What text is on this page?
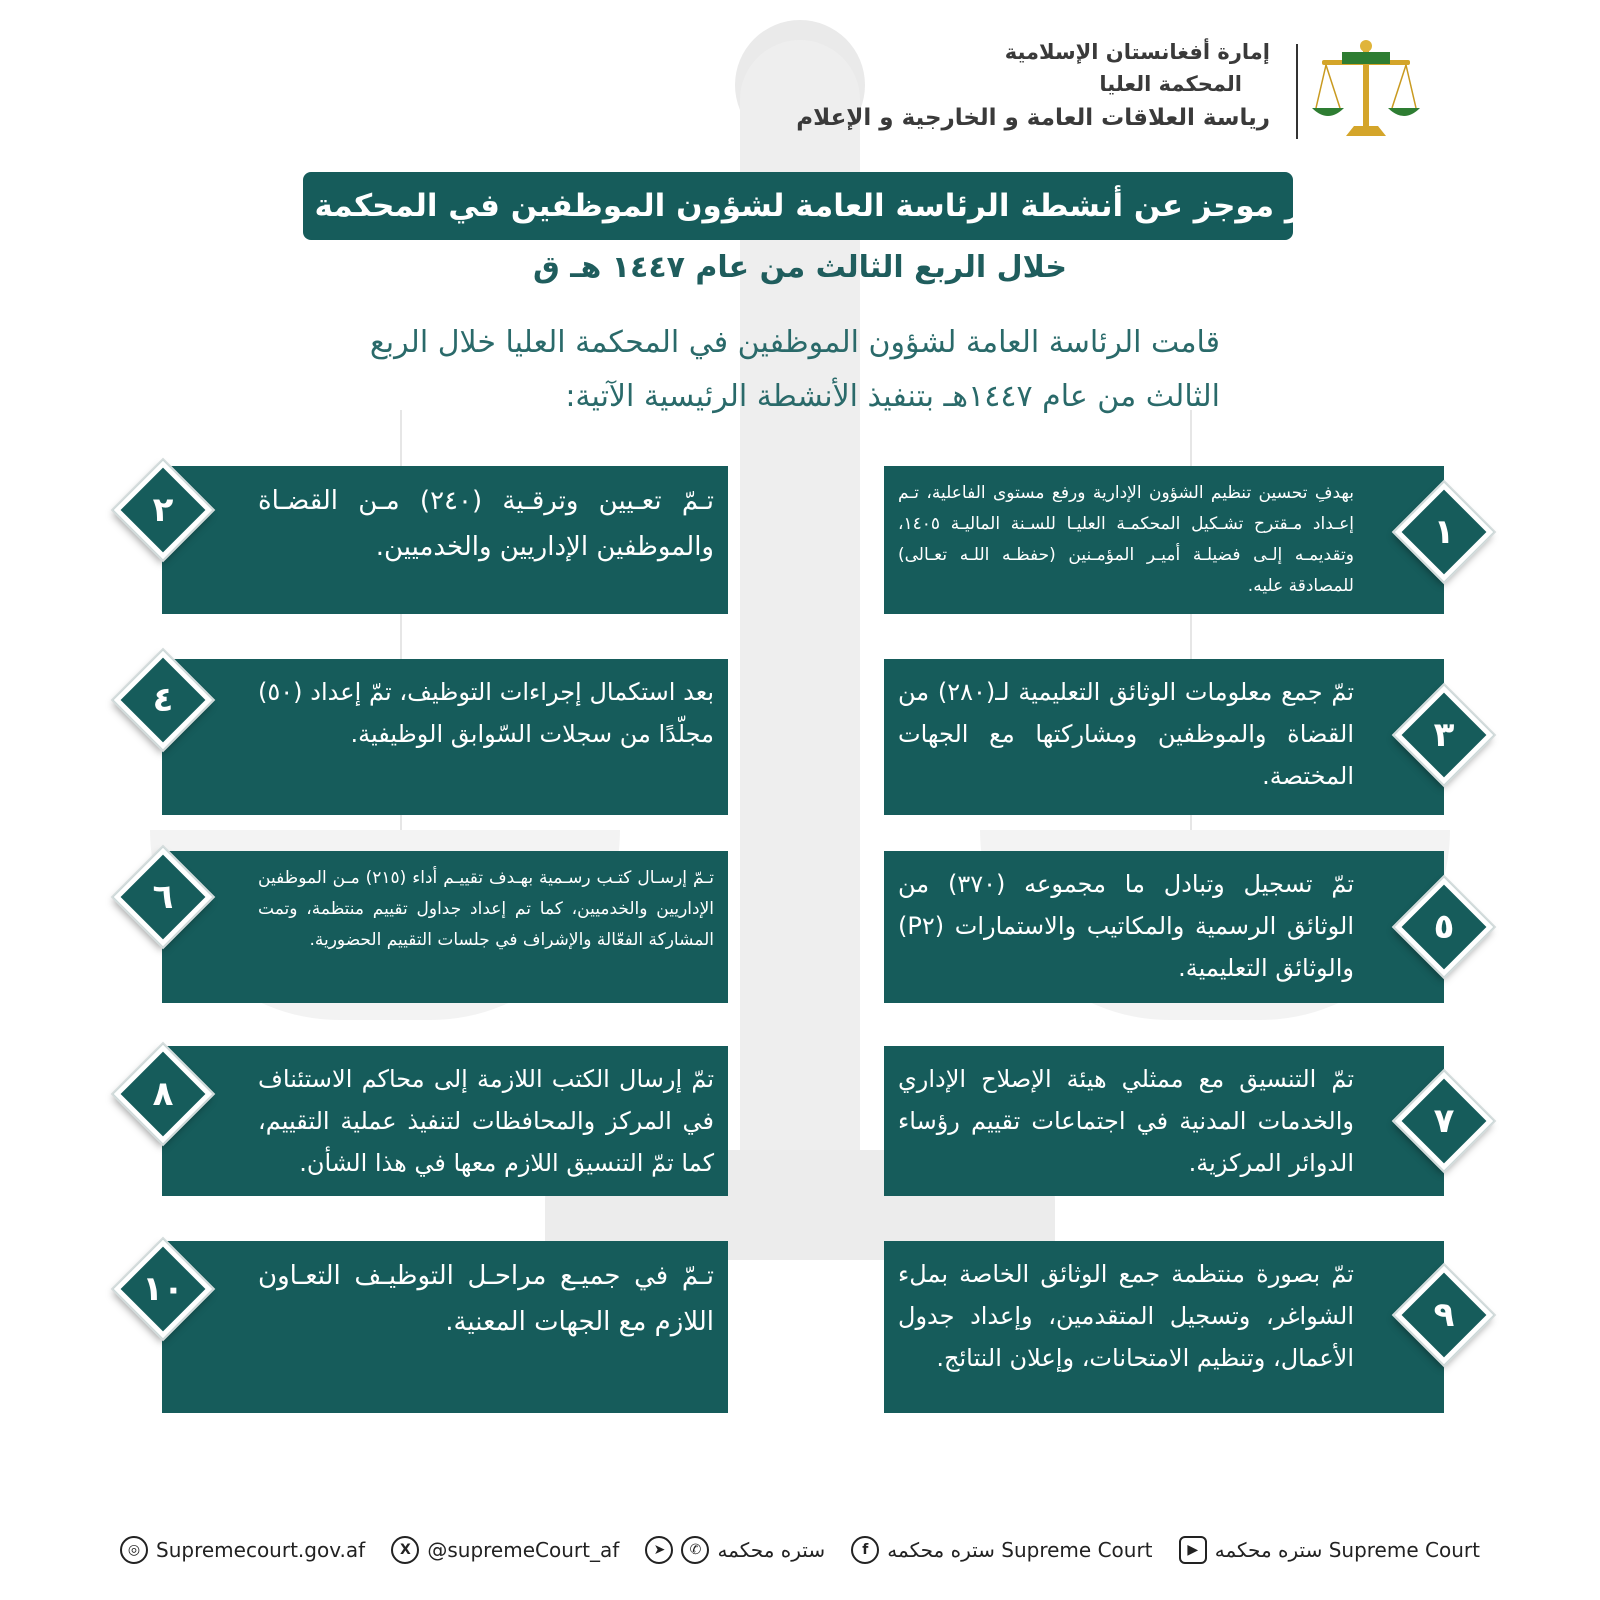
إمارة أفغانستان الإسلامية
المحکمة العليا
رياسة العلاقات العامة و الخارجية و الإعلام
تقرير موجز عن أنشطة الرئاسة العامة لشؤون الموظفين في المحكمة العليا
خلال الربع الثالث من عام ١٤٤٧ هـ ق
قامت الرئاسة العامة لشؤون الموظفين في المحكمة العليا خلال الربع الثالث من عام ١٤٤٧هـ بتنفيذ الأنشطة الرئيسية الآتية:
بهدفِ تحسين تنظيم الشؤون الإدارية ورفع مستوى الفاعلية، تـم إعـداد مـقترح تشـكيل المحكمـة العليـا للسـنة الماليـة ١٤٠٥، وتقديمـه إلـى فضيلـة أميـر المؤمـنين (حفظـه اللـه تعـالى) للمصادقة عليه.
تمّ جمع معلومات الوثائق التعليمية لـ(٢٨٠) من القضاة والموظفين ومشاركتها مع الجهات المختصة.
تمّ تسجيل وتبادل ما مجموعه (٣٧٠) من الوثائق الرسمية والمكاتيب والاستمارات (P٢) والوثائق التعليمية.
تمّ التنسيق مع ممثلي هيئة الإصلاح الإداري والخدمات المدنية في اجتماعات تقييم رؤساء الدوائر المركزية.
تمّ بصورة منتظمة جمع الوثائق الخاصة بملء الشواغر، وتسجيل المتقدمين، وإعداد جدول الأعمال، وتنظيم الامتحانات، وإعلان النتائج.
تـمّ تعـيين وترقـية (٢٤٠) مـن القضـاة والموظفين الإداريين والخدميين.
بعد استكمال إجراءات التوظيف، تمّ إعداد (٥٠) مجلّدًا من سجلات السّوابق الوظيفية.
تـمّ إرسـال كتـب رسـمية بهـدف تقييـم أداء (٢١٥) مـن الموظفين الإداريين والخدميين، كما تم إعداد جداول تقييم منتظمة، وتمت المشاركة الفعّالة والإشراف في جلسات التقييم الحضورية.
تمّ إرسال الكتب اللازمة إلى محاكم الاستئناف في المركز والمحافظات لتنفيذ عملية التقييم، كما تمّ التنسيق اللازم معها في هذا الشأن.
تـمّ في جميـع مراحـل التوظيـف التعـاون اللازم مع الجهات المعنية.
١
٣
٥
٧
٩
٢
٤
٦
٨
١٠
◎ Supremecourt.gov.af	X @supremeCourt_af	➤	✆ ستره محکمه	f ستره محکمه Supreme Court	▶ ستره محکمه Supreme Court
